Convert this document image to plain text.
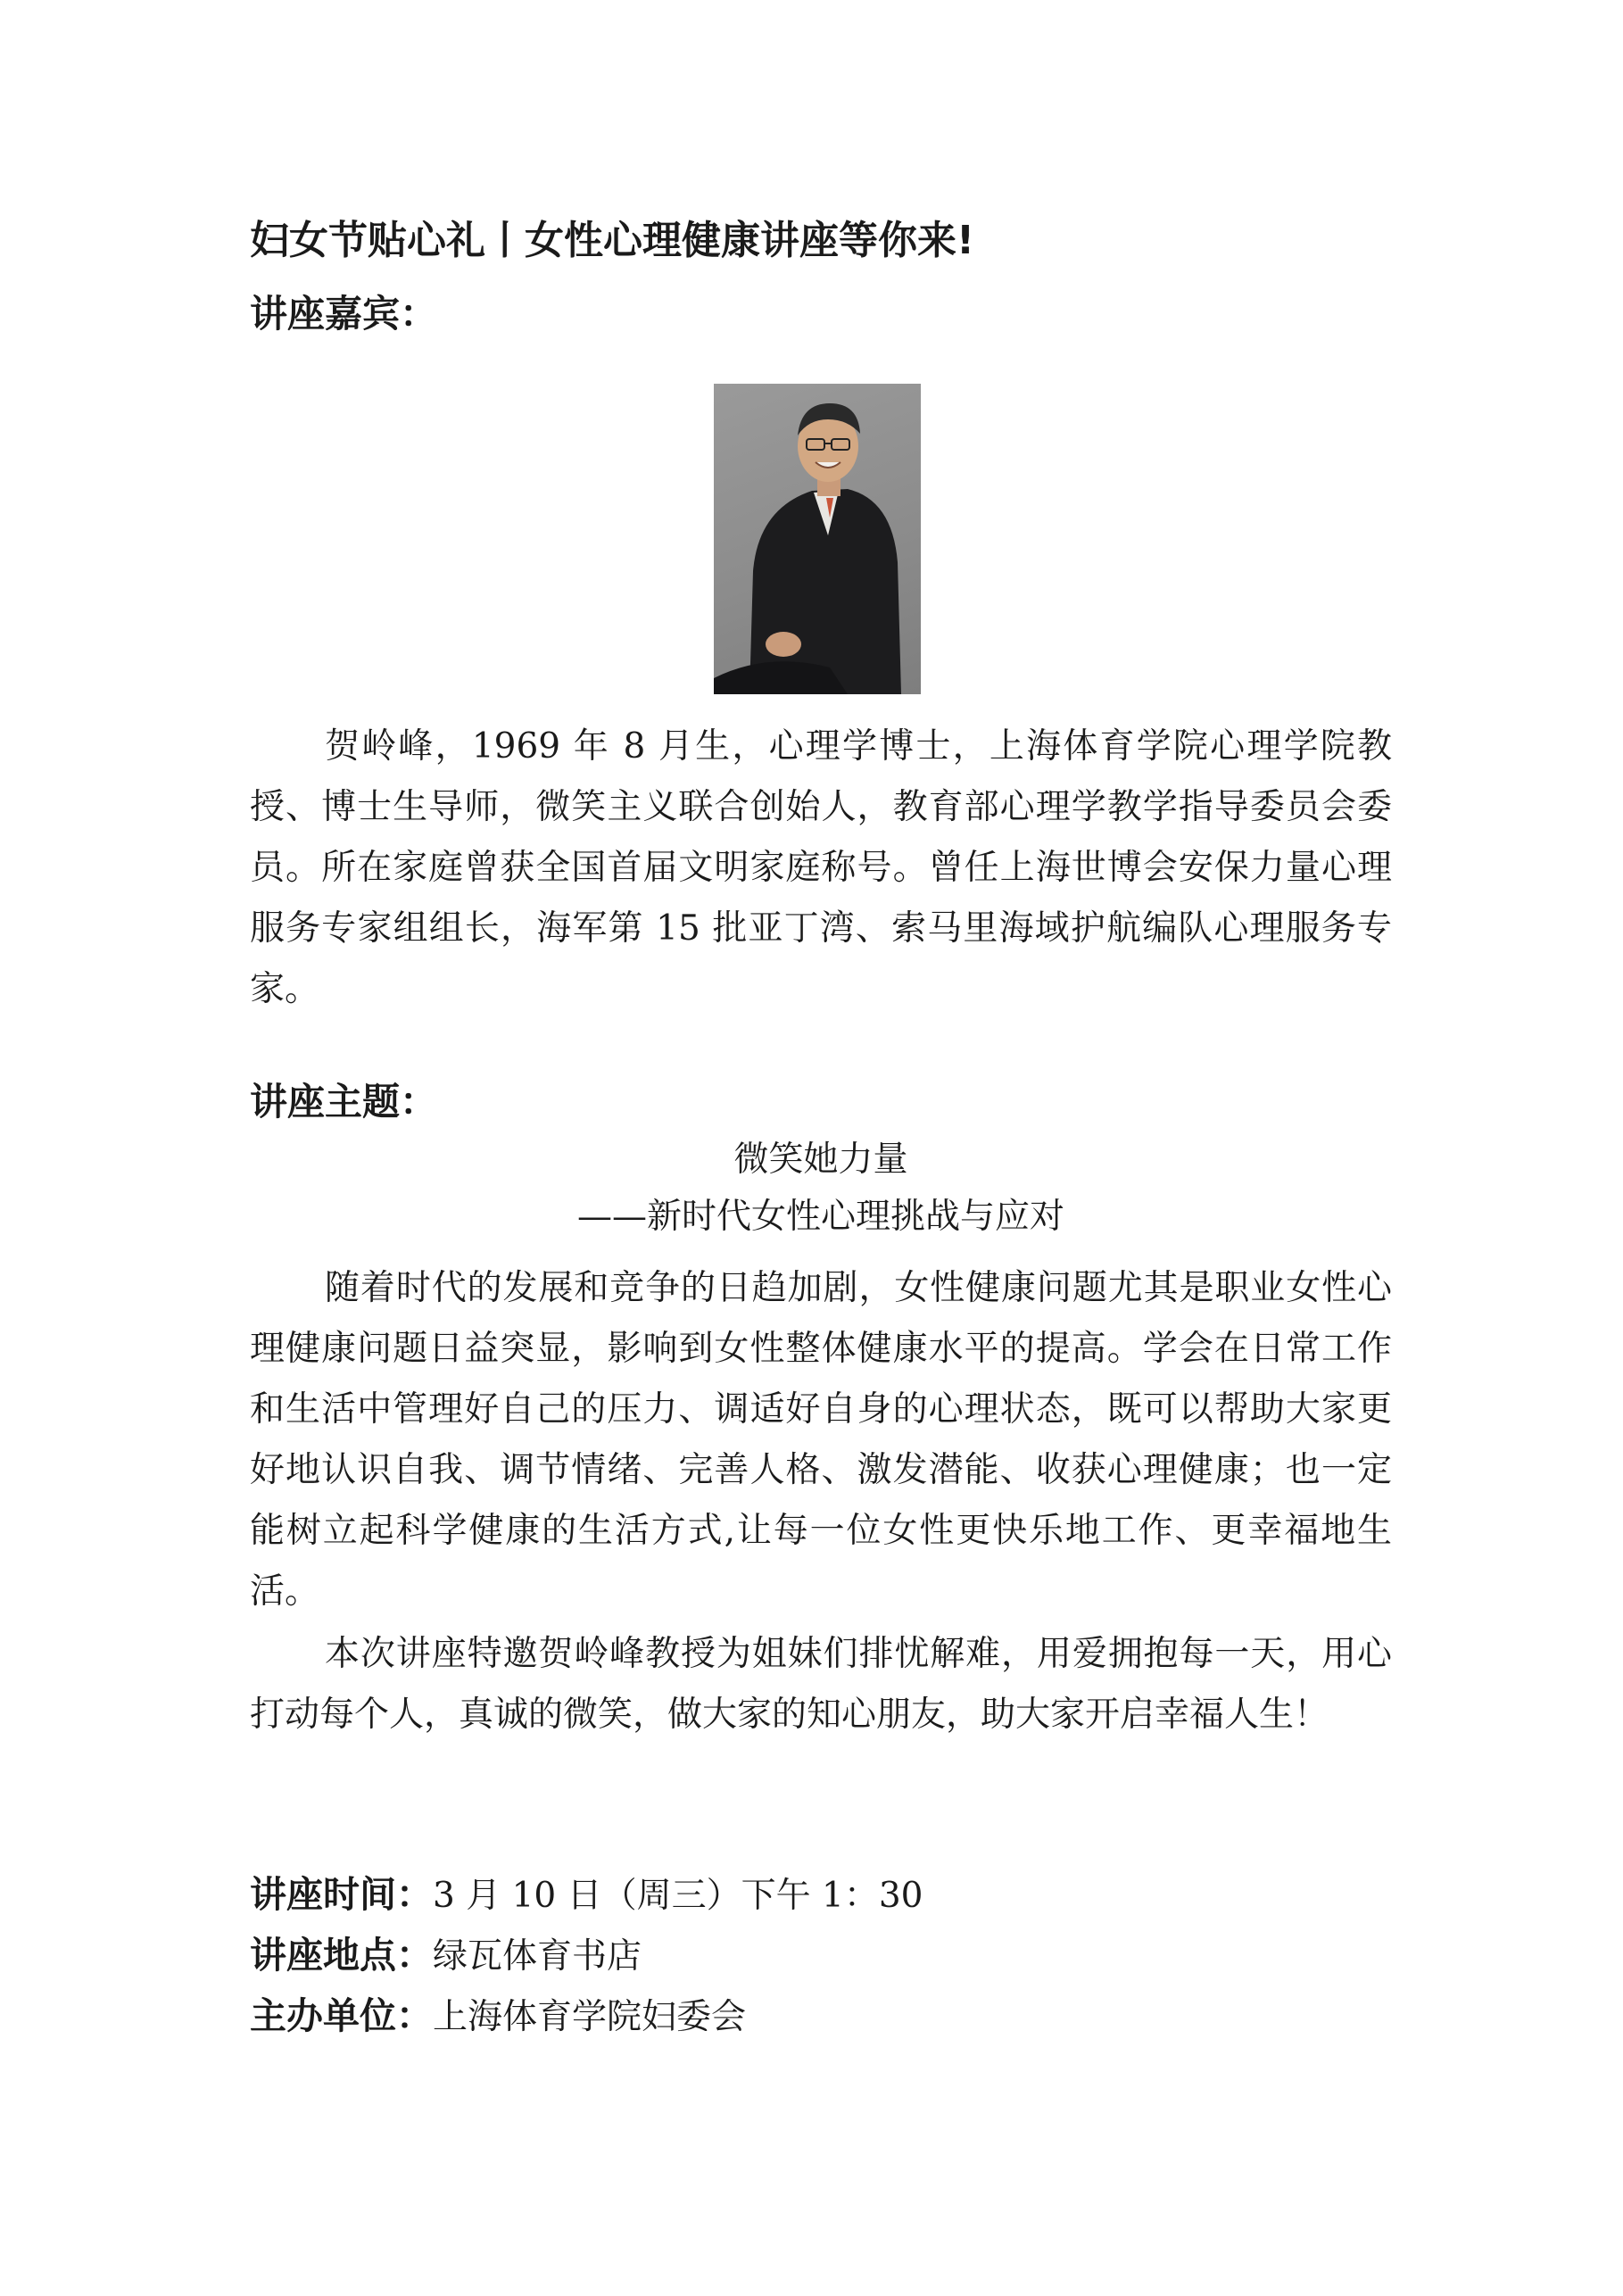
妇女节贴心礼丨女性心理健康讲座等你来!
讲座嘉宾：

贺岭峰，1969 年 8 月生，心理学博士，上海体育学院心理学院教授、博士生导师，微笑主义联合创始人，教育部心理学教学指导委员会委员。所在家庭曾获全国首届文明家庭称号。曾任上海世博会安保力量心理服务专家组组长，海军第 15 批亚丁湾、索马里海域护航编队心理服务专家。

讲座主题：
微笑她力量
——新时代女性心理挑战与应对

随着时代的发展和竞争的日趋加剧，女性健康问题尤其是职业女性心理健康问题日益突显，影响到女性整体健康水平的提高。学会在日常工作和生活中管理好自己的压力、调适好自身的心理状态，既可以帮助大家更好地认识自我、调节情绪、完善人格、激发潜能、收获心理健康；也一定能树立起科学健康的生活方式,让每一位女性更快乐地工作、更幸福地生活。

本次讲座特邀贺岭峰教授为姐妹们排忧解难，用爱拥抱每一天，用心打动每个人，真诚的微笑，做大家的知心朋友，助大家开启幸福人生！

讲座时间：3 月 10 日（周三）下午 1：30
讲座地点：绿瓦体育书店
主办单位：上海体育学院妇委会
